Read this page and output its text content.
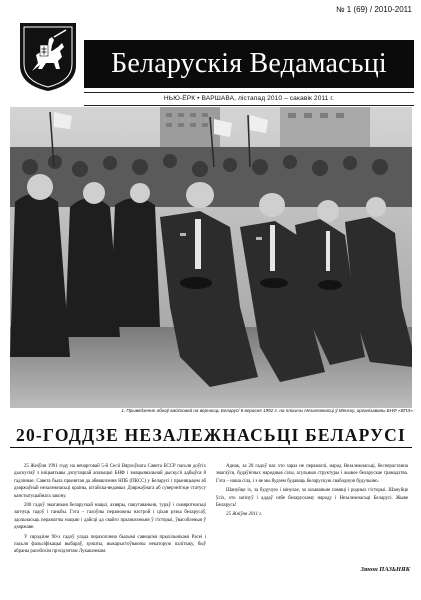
№ 1 (69) / 2010-2011
Беларускія Ведамасьці
НЬЮ-ЁРК • ВАРШАВА, лістапад 2010 – сакавік 2011 г.
1. Прывядзенне абеаў вайсковай на вернасць Беларусі 8 верасня 1992 г. на плошчы Незалежнасці ў Менску, арганізаваны БНФ «ВПЭ».
20-ГОДДЗЕ НЕЗАЛЕЖНАСЬЦІ БЕЛАРУСІ

25 Жніўня 1991 году на нечарговай 5-й Сесіі Вярхоўнага Савета БССР пасьля доўгіх дыскусіяў з ініцыятывы дэпутацкай апазыцыі БНФ і эмацыянальнай дыскусіі адбыўся 8 гадзіннае. Савета была прынятая да абвяшчэння НПБ (ПКСС) у Беларусі і прыняцьцем аб дзяржаўнай незалежнасьці краіны, кітайска-ведамых Дзяржаўнага аб суверэнітэце статусу канстытуцыйнага закону.

200 гадоў змаганьня беларускай нацыі, ахвяры, пакутаваньня, тураў і сьмяротнасьці загнуць гадоў і ганьбы. Гэта – галоўны пераможны настрой і ціхая рэзка беларусаў, здольнасьць перамагчы нацыю і дайсці да свайго прызначэньня ў гісторыі, ўвасобленыя ў дзяржаве.

У сярэдзіне 90-х гадоў улада перахоплена былымі савецкімі прыхільнікамі Расеі і пасьля фальсіфікацыі выбараў, зрэшты, выкарыстоўваючы некаторую палітыку, быў абраны расейскім прэзідэнтам Лукашэнкам.

Аднак, за 20 гадоў нас хто зараз не перамаглі, народ Незалежнасьці, бесперастанна змагаўся, будаўнічых народныя сілы, агульныя структуры і жывое беларускае грамадзтва. Гэта – наша сіла, і з яе мы будзем будаваць беларускую свабодную будучыню.

Шануйце іх, за будучую і мінулае, за захаваньне памяці і родных гісторыі. Шануйце ўсіх, хто загінуў і аддаў сябе беларускаму народу і Незалежнасьці Беларусі. Жыве Беларусь!

25 Жніўня 2011 г.
Зянон ПАЗЬНЯК
